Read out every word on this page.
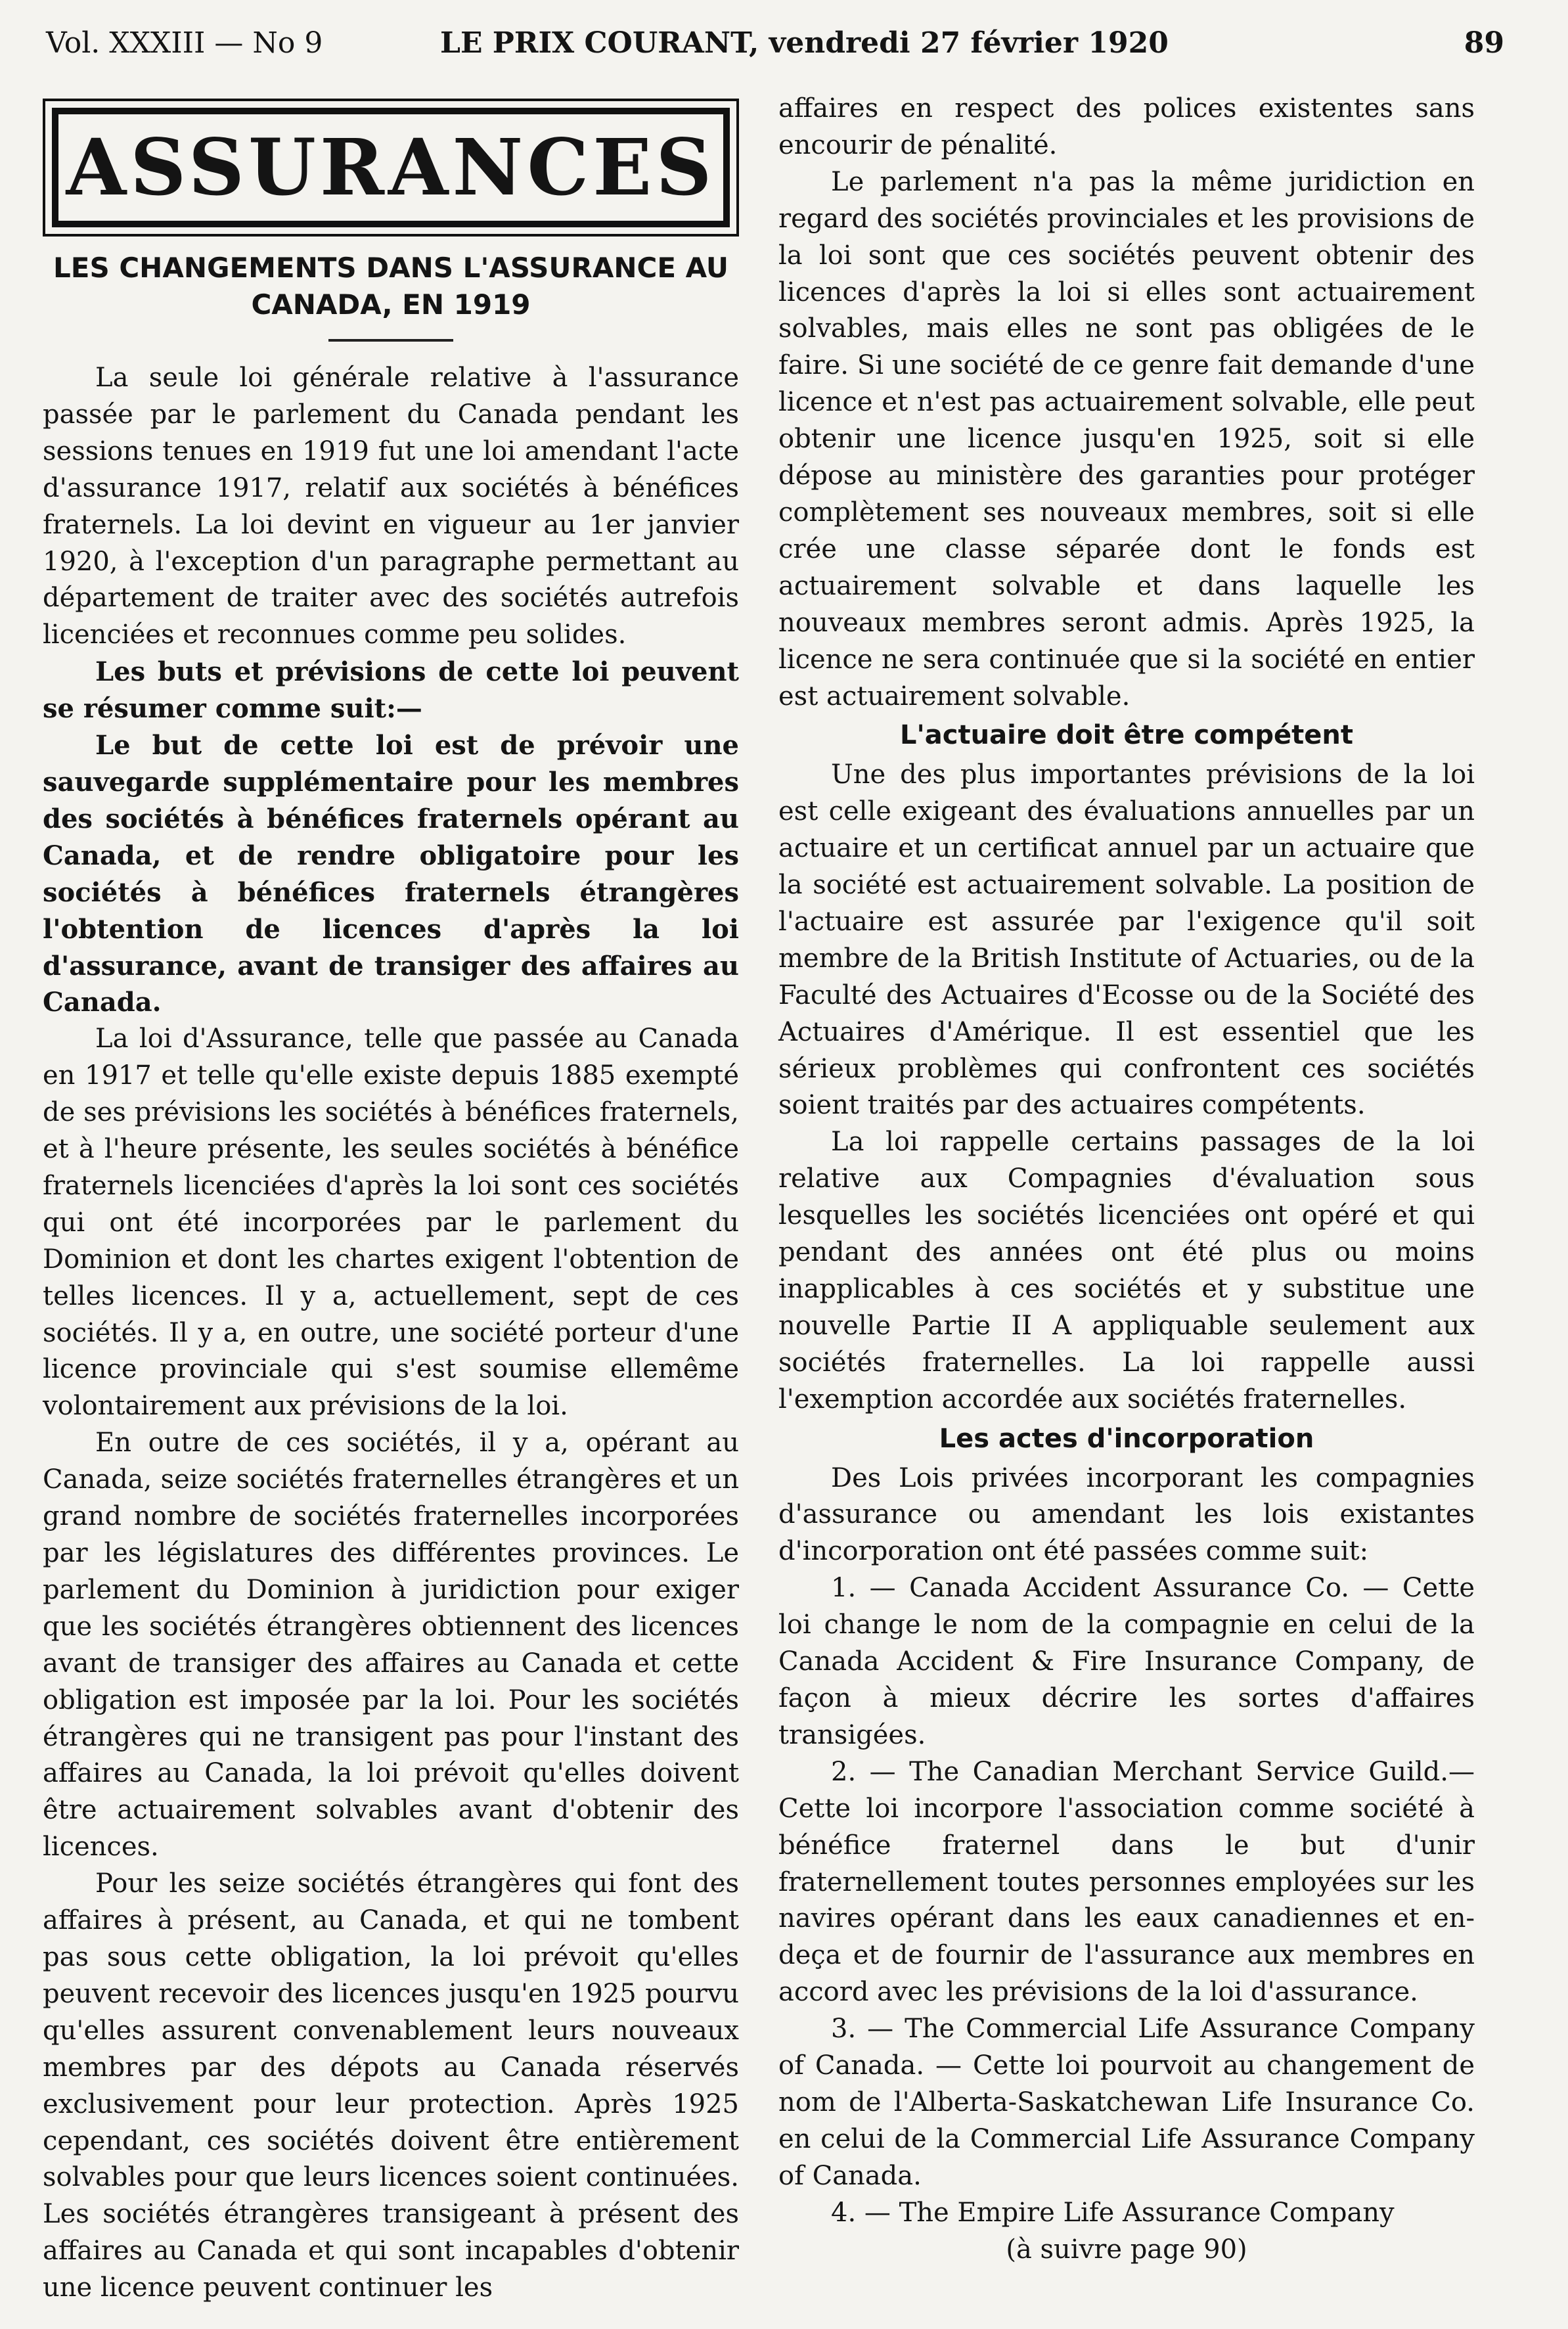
Vol. XXXIII — No 9	LE PRIX COURANT, vendredi 27 février 1920	89
ASSURANCES
LES CHANGEMENTS DANS L'ASSURANCE AU CANADA, EN 1919

La seule loi générale relative à l'assurance passée par le parlement du Canada pendant les sessions tenues en 1919 fut une loi amendant l'acte d'assurance 1917, relatif aux sociétés à bénéfices fraternels. La loi devint en vigueur au 1er janvier 1920, à l'exception d'un paragraphe permettant au département de traiter avec des sociétés autrefois licenciées et reconnues comme peu solides.

Les buts et prévisions de cette loi peuvent se résumer comme suit:—

Le but de cette loi est de prévoir une sauvegarde supplémentaire pour les membres des sociétés à bénéfices fraternels opérant au Canada, et de rendre obligatoire pour les sociétés à bénéfices fraternels étrangères l'obtention de licences d'après la loi d'assurance, avant de transiger des affaires au Canada.

La loi d'Assurance, telle que passée au Canada en 1917 et telle qu'elle existe depuis 1885 exempté de ses prévisions les sociétés à bénéfices fraternels, et à l'heure présente, les seules sociétés à bénéfice fraternels licenciées d'après la loi sont ces sociétés qui ont été incorporées par le parlement du Dominion et dont les chartes exigent l'obtention de telles licences. Il y a, actuellement, sept de ces sociétés. Il y a, en outre, une société porteur d'une licence provinciale qui s'est soumise ellemême volontairement aux prévisions de la loi.

En outre de ces sociétés, il y a, opérant au Canada, seize sociétés fraternelles étrangères et un grand nombre de sociétés fraternelles incorporées par les législatures des différentes provinces. Le parlement du Dominion à juridiction pour exiger que les sociétés étrangères obtiennent des licences avant de transiger des affaires au Canada et cette obligation est imposée par la loi. Pour les sociétés étrangères qui ne transigent pas pour l'instant des affaires au Canada, la loi prévoit qu'elles doivent être actuairement solvables avant d'obtenir des licences.

Pour les seize sociétés étrangères qui font des affaires à présent, au Canada, et qui ne tombent pas sous cette obligation, la loi prévoit qu'elles peuvent recevoir des licences jusqu'en 1925 pourvu qu'elles assurent convenablement leurs nouveaux membres par des dépots au Canada réservés exclusivement pour leur protection. Après 1925 cependant, ces sociétés doivent être entièrement solvables pour que leurs licences soient continuées. Les sociétés étrangères transigeant à présent des affaires au Canada et qui sont incapables d'obtenir une licence peuvent continuer les

affaires en respect des polices existentes sans encourir de pénalité.

Le parlement n'a pas la même juridiction en regard des sociétés provinciales et les provisions de la loi sont que ces sociétés peuvent obtenir des licences d'après la loi si elles sont actuairement solvables, mais elles ne sont pas obligées de le faire. Si une société de ce genre fait demande d'une licence et n'est pas actuairement solvable, elle peut obtenir une licence jusqu'en 1925, soit si elle dépose au ministère des garanties pour protéger complètement ses nouveaux membres, soit si elle crée une classe séparée dont le fonds est actuairement solvable et dans laquelle les nouveaux membres seront admis. Après 1925, la licence ne sera continuée que si la société en entier est actuairement solvable.

L'actuaire doit être compétent

Une des plus importantes prévisions de la loi est celle exigeant des évaluations annuelles par un actuaire et un certificat annuel par un actuaire que la société est actuairement solvable. La position de l'actuaire est assurée par l'exigence qu'il soit membre de la British Institute of Actuaries, ou de la Faculté des Actuaires d'Ecosse ou de la Société des Actuaires d'Amérique. Il est essentiel que les sérieux problèmes qui confrontent ces sociétés soient traités par des actuaires compétents.

La loi rappelle certains passages de la loi relative aux Compagnies d'évaluation sous lesquelles les sociétés licenciées ont opéré et qui pendant des années ont été plus ou moins inapplicables à ces sociétés et y substitue une nouvelle Partie II A appliquable seulement aux sociétés fraternelles. La loi rappelle aussi l'exemption accordée aux sociétés fraternelles.

Les actes d'incorporation

Des Lois privées incorporant les compagnies d'assurance ou amendant les lois existantes d'incorporation ont été passées comme suit:

1. — Canada Accident Assurance Co. — Cette loi change le nom de la compagnie en celui de la Canada Accident & Fire Insurance Company, de façon à mieux décrire les sortes d'affaires transigées.

2. — The Canadian Merchant Service Guild.— Cette loi incorpore l'association comme société à bénéfice fraternel dans le but d'unir fraternellement toutes personnes employées sur les navires opérant dans les eaux canadiennes et en-deça et de fournir de l'assurance aux membres en accord avec les prévisions de la loi d'assurance.

3. — The Commercial Life Assurance Company of Canada. — Cette loi pourvoit au changement de nom de l'Alberta-Saskatchewan Life Insurance Co. en celui de la Commercial Life Assurance Company of Canada.

4. — The Empire Life Assurance Company

(à suivre page 90)
